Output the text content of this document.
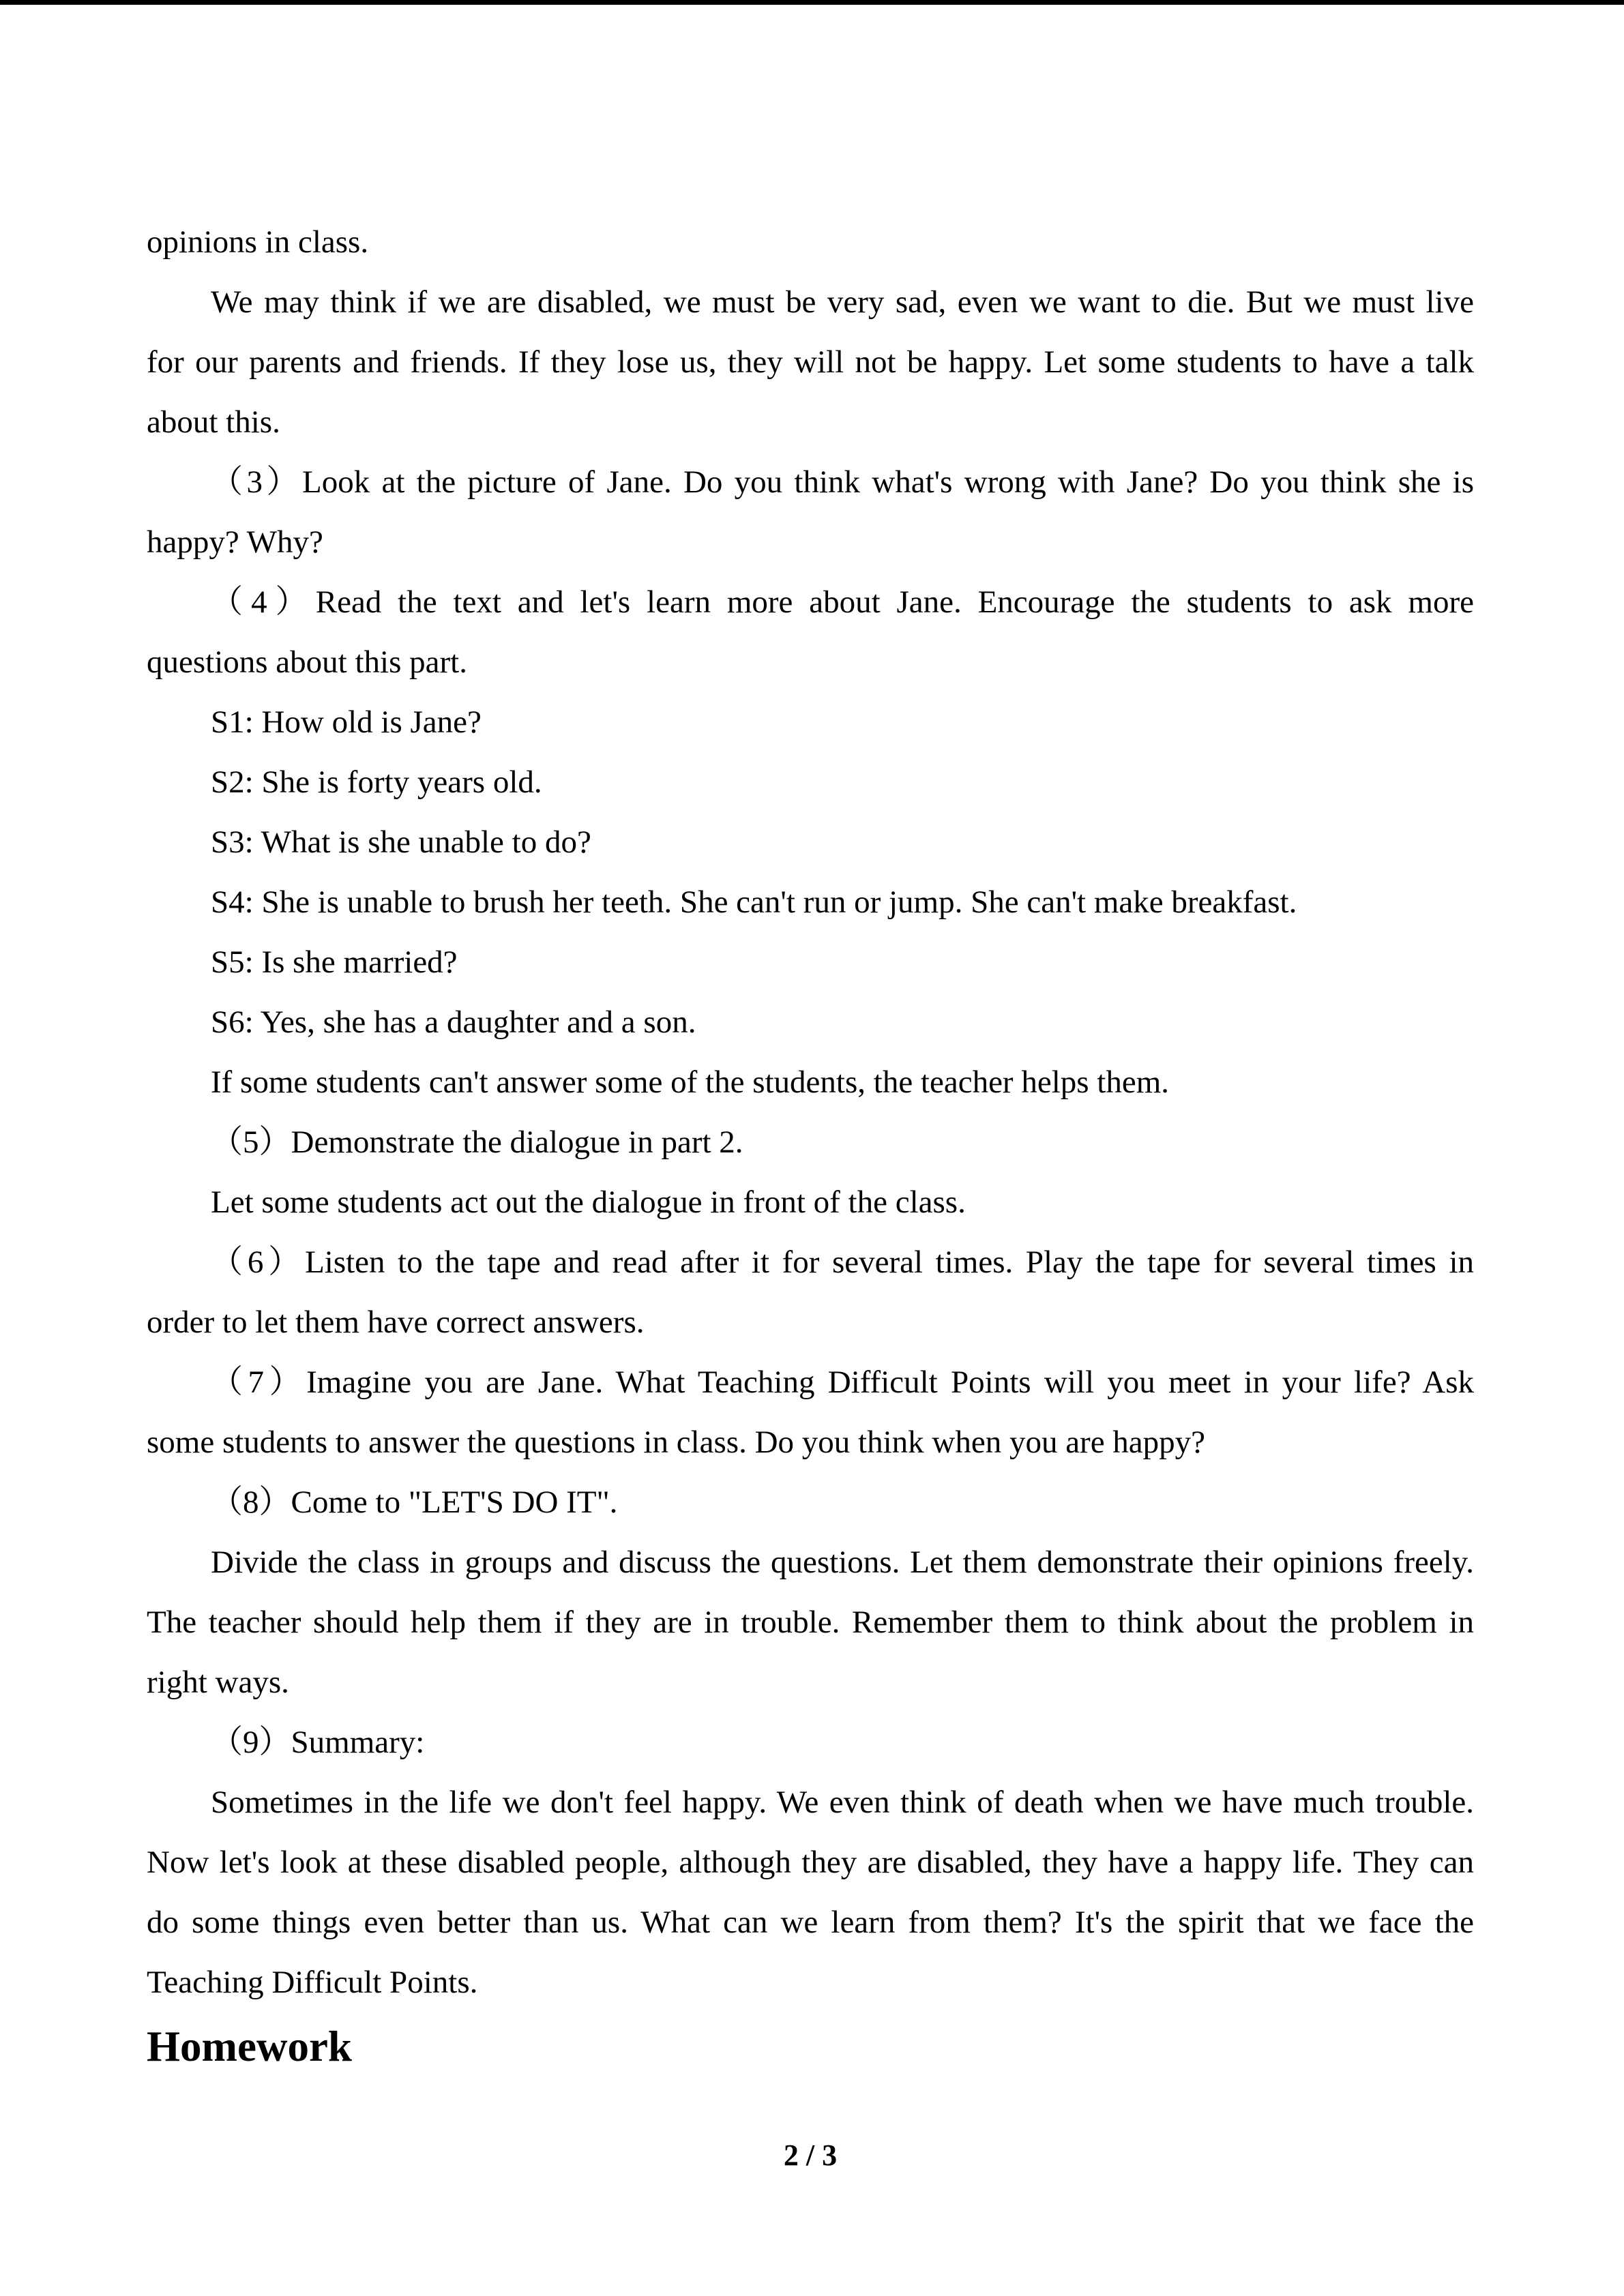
opinions in class.
We may think if we are disabled, we must be very sad, even we want to die. But we must live
for our parents and friends. If they lose us, they will not be happy. Let some students to have a talk
about this.
（3）Look at the picture of Jane. Do you think what's wrong with Jane? Do you think she is
happy? Why?
（4）Read the text and let's learn more about Jane. Encourage the students to ask more
questions about this part.
S1: How old is Jane?
S2: She is forty years old.
S3: What is she unable to do?
S4: She is unable to brush her teeth. She can't run or jump. She can't make breakfast.
S5: Is she married?
S6: Yes, she has a daughter and a son.
If some students can't answer some of the students, the teacher helps them.
（5）Demonstrate the dialogue in part 2.
Let some students act out the dialogue in front of the class.
（6）Listen to the tape and read after it for several times. Play the tape for several times in
order to let them have correct answers.
（7）Imagine you are Jane. What Teaching Difficult Points will you meet in your life? Ask
some students to answer the questions in class. Do you think when you are happy?
（8）Come to "LET'S DO IT".
Divide the class in groups and discuss the questions. Let them demonstrate their opinions freely.
The teacher should help them if they are in trouble. Remember them to think about the problem in
right ways.
（9）Summary:
Sometimes in the life we don't feel happy. We even think of death when we have much trouble.
Now let's look at these disabled people, although they are disabled, they have a happy life. They can
do some things even better than us. What can we learn from them? It's the spirit that we face the
Teaching Difficult Points.
Homework
2 / 3
